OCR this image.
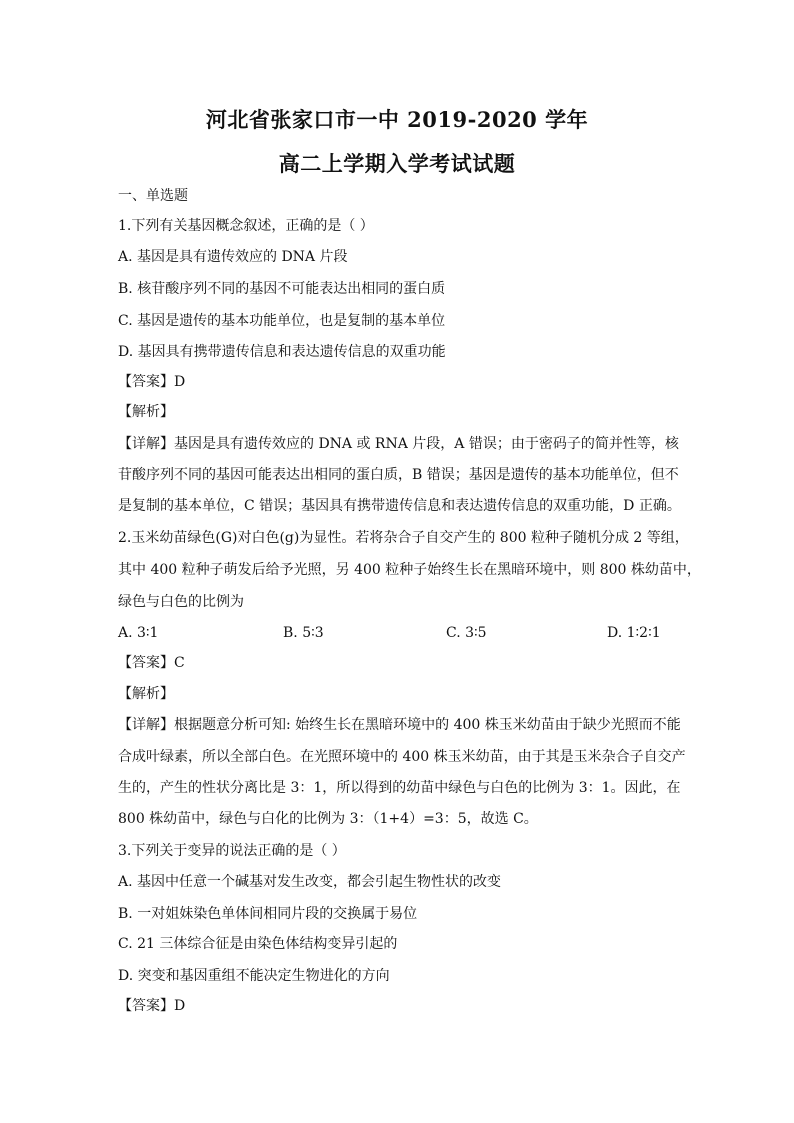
河北省张家口市一中 2019-2020 学年
高二上学期入学考试试题
一、单选题
1.下列有关基因概念叙述，正确的是（ ）
A. 基因是具有遗传效应的 DNA 片段
B. 核苷酸序列不同的基因不可能表达出相同的蛋白质
C. 基因是遗传的基本功能单位，也是复制的基本单位
D. 基因具有携带遗传信息和表达遗传信息的双重功能
【答案】D
【解析】
【详解】基因是具有遗传效应的 DNA 或 RNA 片段，A 错误；由于密码子的简并性等，核
苷酸序列不同的基因可能表达出相同的蛋白质，B 错误；基因是遗传的基本功能单位，但不
是复制的基本单位，C 错误；基因具有携带遗传信息和表达遗传信息的双重功能，D 正确。
2.玉米幼苗绿色(G)对白色(g)为显性。若将杂合子自交产生的 800 粒种子随机分成 2 等组，
其中 400 粒种子萌发后给予光照，另 400 粒种子始终生长在黑暗环境中，则 800 株幼苗中，
绿色与白色的比例为
A. 3∶1	B. 5∶3	C. 3∶5	D. 1∶2∶1
【答案】C
【解析】
【详解】根据题意分析可知: 始终生长在黑暗环境中的 400 株玉米幼苗由于缺少光照而不能
合成叶绿素，所以全部白色。在光照环境中的 400 株玉米幼苗，由于其是玉米杂合子自交产
生的，产生的性状分离比是 3：1，所以得到的幼苗中绿色与白色的比例为 3：1。因此，在
800 株幼苗中，绿色与白化的比例为 3：（1+4）=3：5，故选 C。
3.下列关于变异的说法正确的是（ ）
A. 基因中任意一个碱基对发生改变，都会引起生物性状的改变
B. 一对姐妹染色单体间相同片段的交换属于易位
C. 21 三体综合征是由染色体结构变异引起的
D. 突变和基因重组不能决定生物进化的方向
【答案】D
